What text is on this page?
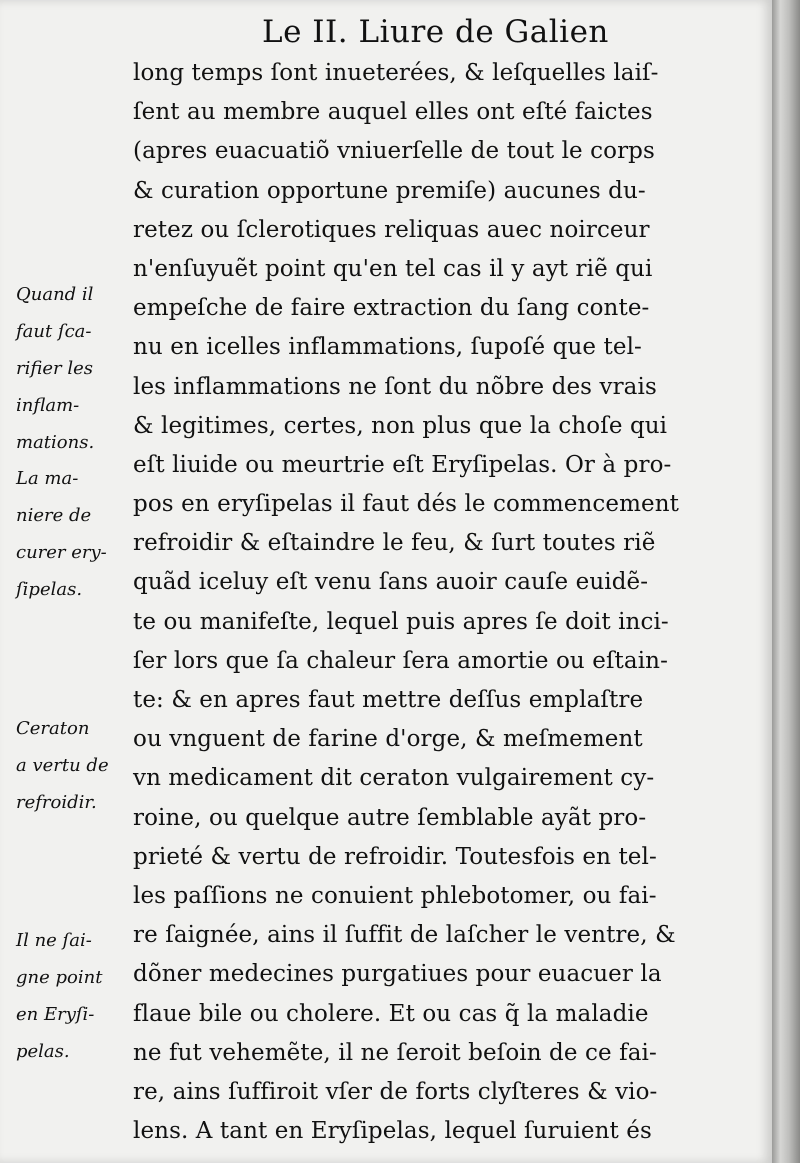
Le II. Liure de Galien
long temps ſont inueterées, & leſquelles laiſ-
ſent au membre auquel elles ont eſté faictes
(apres euacuatiõ vniuerſelle de tout le corps
& curation opportune premiſe) aucunes du-
retez ou ſclerotiques reliquas auec noirceur
n'enſuyuẽt point qu'en tel cas il y ayt riẽ qui
empeſche de faire extraction du ſang conte-
nu en icelles inflammations, ſupoſé que tel-
les inflammations ne ſont du nõbre des vrais
& legitimes, certes, non plus que la choſe qui
eſt liuide ou meurtrie eſt Eryſipelas. Or à pro-
pos en eryſipelas il faut dés le commencement
refroidir & eſtaindre le feu, & ſurt toutes riẽ
quãd iceluy eſt venu ſans auoir cauſe euidẽ-
te ou manifeſte, lequel puis apres ſe doit inci-
ſer lors que ſa chaleur ſera amortie ou eſtain-
te: & en apres faut mettre deſſus emplaſtre
ou vnguent de farine d'orge, & meſmement
vn medicament dit ceraton vulgairement cy-
roine, ou quelque autre ſemblable ayãt pro-
prieté & vertu de refroidir. Toutesfois en tel-
les paſſions ne conuient phlebotomer, ou fai-
re ſaignée, ains il ſuffit de laſcher le ventre, &
dõner medecines purgatiues pour euacuer la
flaue bile ou cholere. Et ou cas q̃ la maladie
ne fut vehemẽte, il ne ſeroit beſoin de ce fai-
re, ains ſuffiroit vſer de forts clyſteres & vio-
lens. A tant en Eryſipelas, lequel ſuruient és
Quand il
faut ſca-
rifier les
inflam-
mations.
La ma-
niere de
curer ery-
ſipelas.
Ceraton
a vertu de
refroidir.
Il ne ſai-
gne point
en Eryſi-
pelas.
